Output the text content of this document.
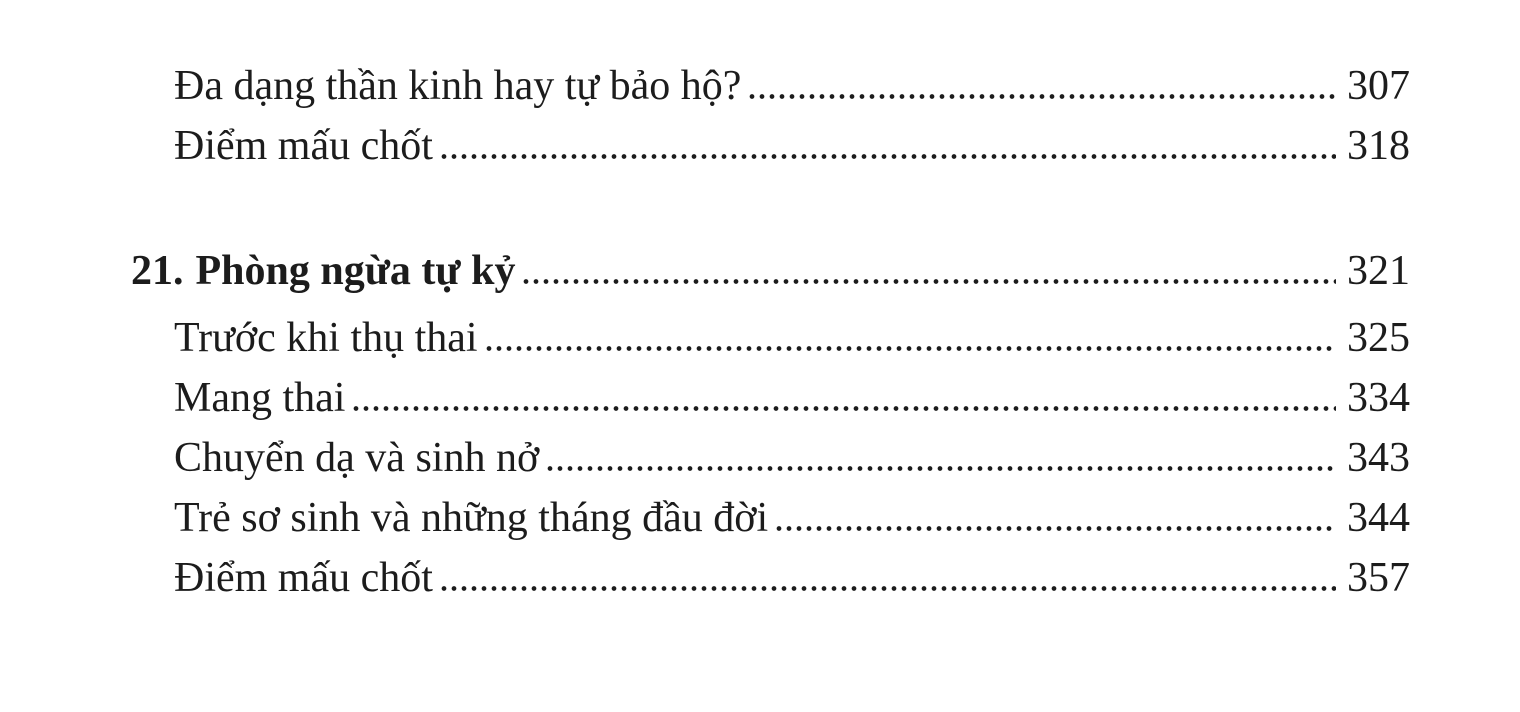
Đa dạng thần kinh hay tự bảo hộ?	307
Điểm mấu chốt	318
21. Phòng ngừa tự kỷ	321
Trước khi thụ thai	325
Mang thai	334
Chuyển dạ và sinh nở	343
Trẻ sơ sinh và những tháng đầu đời	344
Điểm mấu chốt	357
